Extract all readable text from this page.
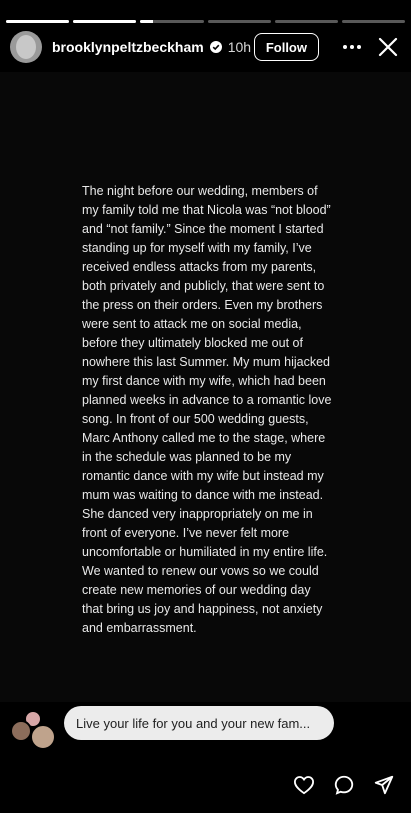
brooklynpeltzbeckham 10h	Follow
The night before our wedding, members of my family told me that Nicola was “not blood” and “not family.” Since the moment I started standing up for myself with my family, I’ve received endless attacks from my parents, both privately and publicly, that were sent to the press on their orders. Even my brothers were sent to attack me on social media, before they ultimately blocked me out of nowhere this last Summer. My mum hijacked my first dance with my wife, which had been planned weeks in advance to a romantic love song. In front of our 500 wedding guests, Marc Anthony called me to the stage, where in the schedule was planned to be my romantic dance with my wife but instead my mum was waiting to dance with me instead. She danced very inappropriately on me in front of everyone. I’ve never felt more uncomfortable or humiliated in my entire life. We wanted to renew our vows so we could create new memories of our wedding day that bring us joy and happiness, not anxiety and embarrassment.
Live your life for you and your new fam...
